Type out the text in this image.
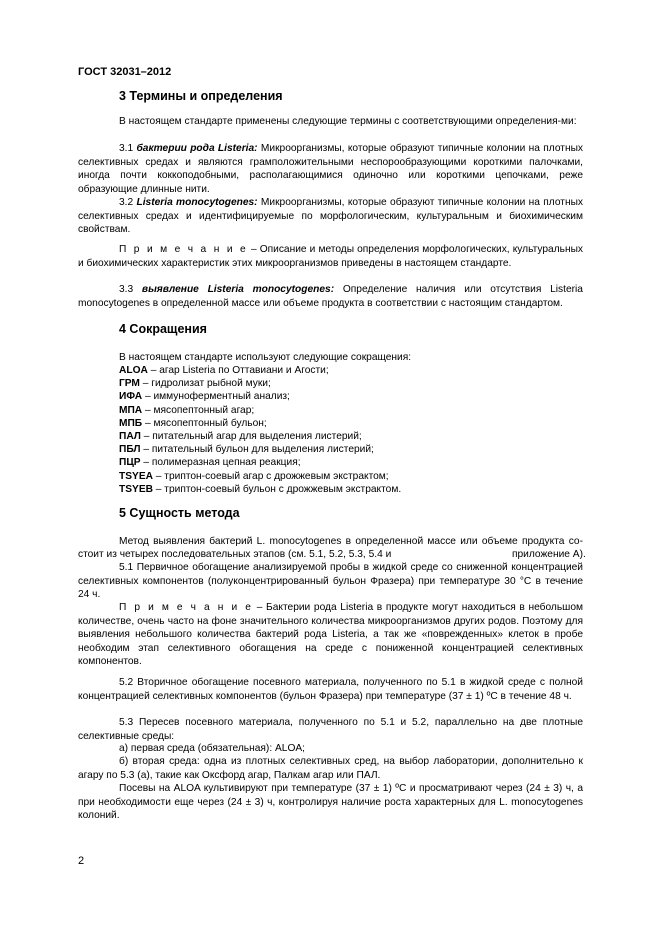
ГОСТ 32031–2012
3 Термины и определения
В настоящем стандарте применены следующие термины с соответствующими определения-ми:
3.1 бактерии рода Listeria: Микроорганизмы, которые образуют типичные колонии на плотных селективных средах и являются грамположительными неспорообразующими короткими палочками, иногда почти коккоподобными, располагающимися одиночно или короткими цепочками, реже образующие длинные нити.
3.2 Listeria monocytogenes: Микроорганизмы, которые образуют типичные колонии на плотных селективных средах и идентифицируемые по морфологическим, культуральным и биохимическим свойствам.
П р и м е ч а н и е – Описание и методы определения морфологических, культуральных и биохимических характеристик этих микроорганизмов приведены в настоящем стандарте.
3.3 выявление Listeria monocytogenes: Определение наличия или отсутствия Listeria monocytogenes в определенной массе или объеме продукта в соответствии с настоящим стандартом.
4 Сокращения
В настоящем стандарте используют следующие сокращения:
ALOA – агар Listeria по Оттавиани и Агости;
ГРМ – гидролизат рыбной муки;
ИФА – иммуноферментный анализ;
МПА – мясопептонный агар;
МПБ – мясопептонный бульон;
ПАЛ – питательный агар для выделения листерий;
ПБЛ – питательный бульон для выделения листерий;
ПЦР – полимеразная цепная реакция;
TSYEA – триптон-соевый агар с дрожжевым экстрактом;
TSYEB – триптон-соевый бульон с дрожжевым экстрактом.
5 Сущность метода
Метод выявления бактерий L. monocytogenes в определенной массе или объеме продукта со-
стоит из четырех последовательных этапов (см. 5.1, 5.2, 5.3, 5.4 и	приложение А).
5.1 Первичное обогащение анализируемой пробы в жидкой среде со сниженной концентрацией селективных компонентов (полуконцентрированный бульон Фразера) при температуре 30 °С в течение 24 ч.
П р и м е ч а н и е – Бактерии рода Listeria в продукте могут находиться в небольшом количестве, очень часто на фоне значительного количества микроорганизмов других родов. Поэтому для выявления небольшого количества бактерий рода Listeria, а так же «поврежденных» клеток в пробе необходим этап селективного обогащения на среде с пониженной концентрацией селективных компонентов.
5.2 Вторичное обогащение посевного материала, полученного по 5.1 в жидкой среде с полной концентрацией селективных компонентов (бульон Фразера) при температуре (37 ± 1) ºС в течение 48 ч.
5.3 Пересев посевного материала, полученного по 5.1 и 5.2, параллельно на две плотные селективные среды:
а) первая среда (обязательная): ALOA;
б) вторая среда: одна из плотных селективных сред, на выбор лаборатории, дополнительно к агару по 5.3 (а), такие как Оксфорд агар, Палкам агар или ПАЛ.
Посевы на ALOA культивируют при температуре (37 ± 1) ºС и просматривают через (24 ± 3) ч, а при необходимости еще через (24 ± 3) ч, контролируя наличие роста характерных для L. monocytogenes колоний.
2
